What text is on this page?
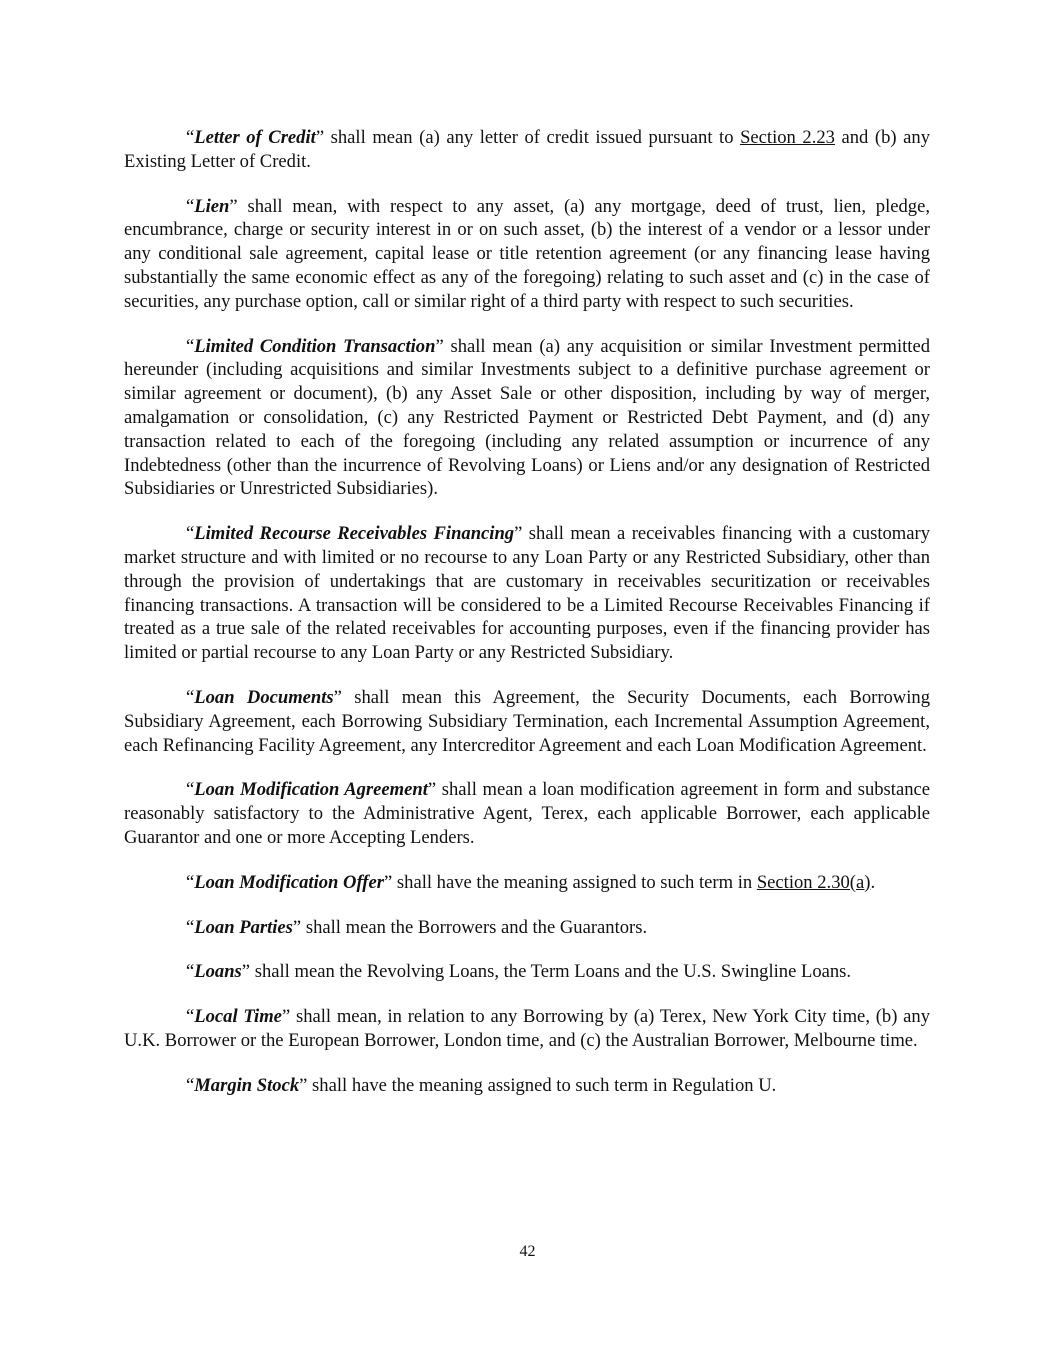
“Letter of Credit” shall mean (a) any letter of credit issued pursuant to Section 2.23 and (b) any Existing Letter of Credit.

“Lien” shall mean, with respect to any asset, (a) any mortgage, deed of trust, lien, pledge, encumbrance, charge or security interest in or on such asset, (b) the interest of a vendor or a lessor under any conditional sale agreement, capital lease or title retention agreement (or any financing lease having substantially the same economic effect as any of the foregoing) relating to such asset and (c) in the case of securities, any purchase option, call or similar right of a third party with respect to such securities.

“Limited Condition Transaction” shall mean (a) any acquisition or similar Investment permitted hereunder (including acquisitions and similar Investments subject to a definitive purchase agreement or similar agreement or document), (b) any Asset Sale or other disposition, including by way of merger, amalgamation or consolidation, (c) any Restricted Payment or Restricted Debt Payment, and (d) any transaction related to each of the foregoing (including any related assumption or incurrence of any Indebtedness (other than the incurrence of Revolving Loans) or Liens and/or any designation of Restricted Subsidiaries or Unrestricted Subsidiaries).

“Limited Recourse Receivables Financing” shall mean a receivables financing with a customary market structure and with limited or no recourse to any Loan Party or any Restricted Subsidiary, other than through the provision of undertakings that are customary in receivables securitization or receivables financing transactions. A transaction will be considered to be a Limited Recourse Receivables Financing if treated as a true sale of the related receivables for accounting purposes, even if the financing provider has limited or partial recourse to any Loan Party or any Restricted Subsidiary.

“Loan Documents” shall mean this Agreement, the Security Documents, each Borrowing Subsidiary Agreement, each Borrowing Subsidiary Termination, each Incremental Assumption Agreement, each Refinancing Facility Agreement, any Intercreditor Agreement and each Loan Modification Agreement.

“Loan Modification Agreement” shall mean a loan modification agreement in form and substance reasonably satisfactory to the Administrative Agent, Terex, each applicable Borrower, each applicable Guarantor and one or more Accepting Lenders.

“Loan Modification Offer” shall have the meaning assigned to such term in Section 2.30(a).

“Loan Parties” shall mean the Borrowers and the Guarantors.

“Loans” shall mean the Revolving Loans, the Term Loans and the U.S. Swingline Loans.

“Local Time” shall mean, in relation to any Borrowing by (a) Terex, New York City time, (b) any U.K. Borrower or the European Borrower, London time, and (c) the Australian Borrower, Melbourne time.

“Margin Stock” shall have the meaning assigned to such term in Regulation U.

42
